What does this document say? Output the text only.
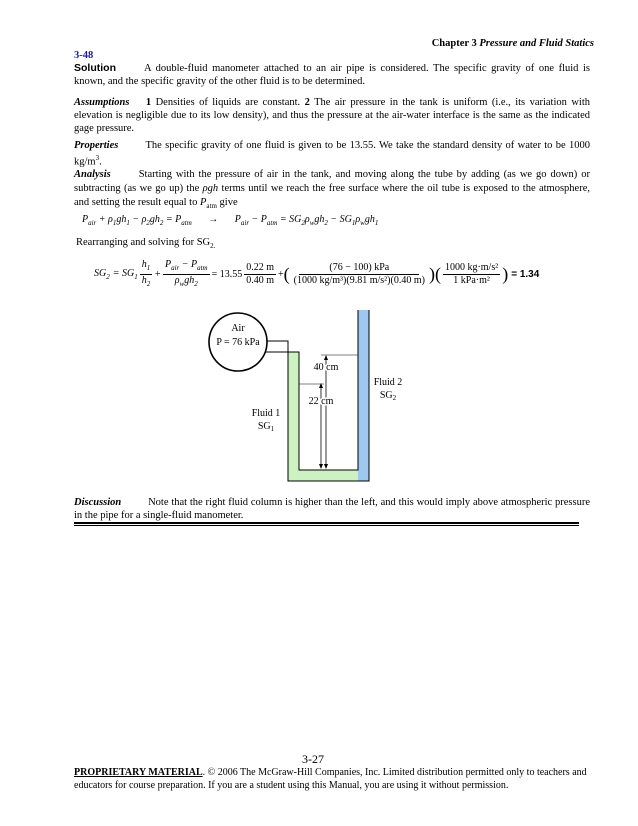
Chapter 3 Pressure and Fluid Statics
3-48
Solution	A double-fluid manometer attached to an air pipe is considered. The specific gravity of one fluid is known, and the specific gravity of the other fluid is to be determined.
Assumptions 1 Densities of liquids are constant. 2 The air pressure in the tank is uniform (i.e., its variation with elevation is negligible due to its low density), and thus the pressure at the air-water interface is the same as the indicated gage pressure.
Properties	The specific gravity of one fluid is given to be 13.55. We take the standard density of water to be 1000 $kg/m^3$.
Analysis	Starting with the pressure of air in the tank, and moving along the tube by adding (as we go down) or subtracting (as we go up) the ρgh terms until we reach the free surface where the oil tube is exposed to the atmosphere, and setting the result equal to $P_{atm}$ give
$P_{air} + \rho_1gh_1 - \rho_2gh_2 = P_{atm} \to P_{air} - P_{atm} = SG_2\rho_wgh_2 - SG_1\rho_wgh_1$
Rearranging and solving for $SG_{2.}$
$SG_2 = SG_1 \frac{h_1}{h_2} + \frac{P_{air} - P_{atm}}{\rho_wgh_2} = 13.55 \frac{0.22 m}{0.40 m}$ + ( $\frac{\text{(76 − 100) kPa}}{\text{(1000 kg/m³)(9.81 m/s²)(0.40 m)}}$ ) ( $\frac{\text{1000 kg·m/s²}}{\text{1 kPa·m²}}$ ) = 1.34
Air
P = 76 kPa
40 cm
22 cm
Fluid 1
$SG_1$
Fluid 2
$SG_2$
Discussion	Note that the right fluid column is higher than the left, and this would imply above atmospheric pressure in the pipe for a single-fluid manometer.
3-27
PROPRIETARY MATERIAL. © 2006 The McGraw-Hill Companies, Inc. Limited distribution permitted only to teachers and educators for course preparation. If you are a student using this Manual, you are using it without permission.
